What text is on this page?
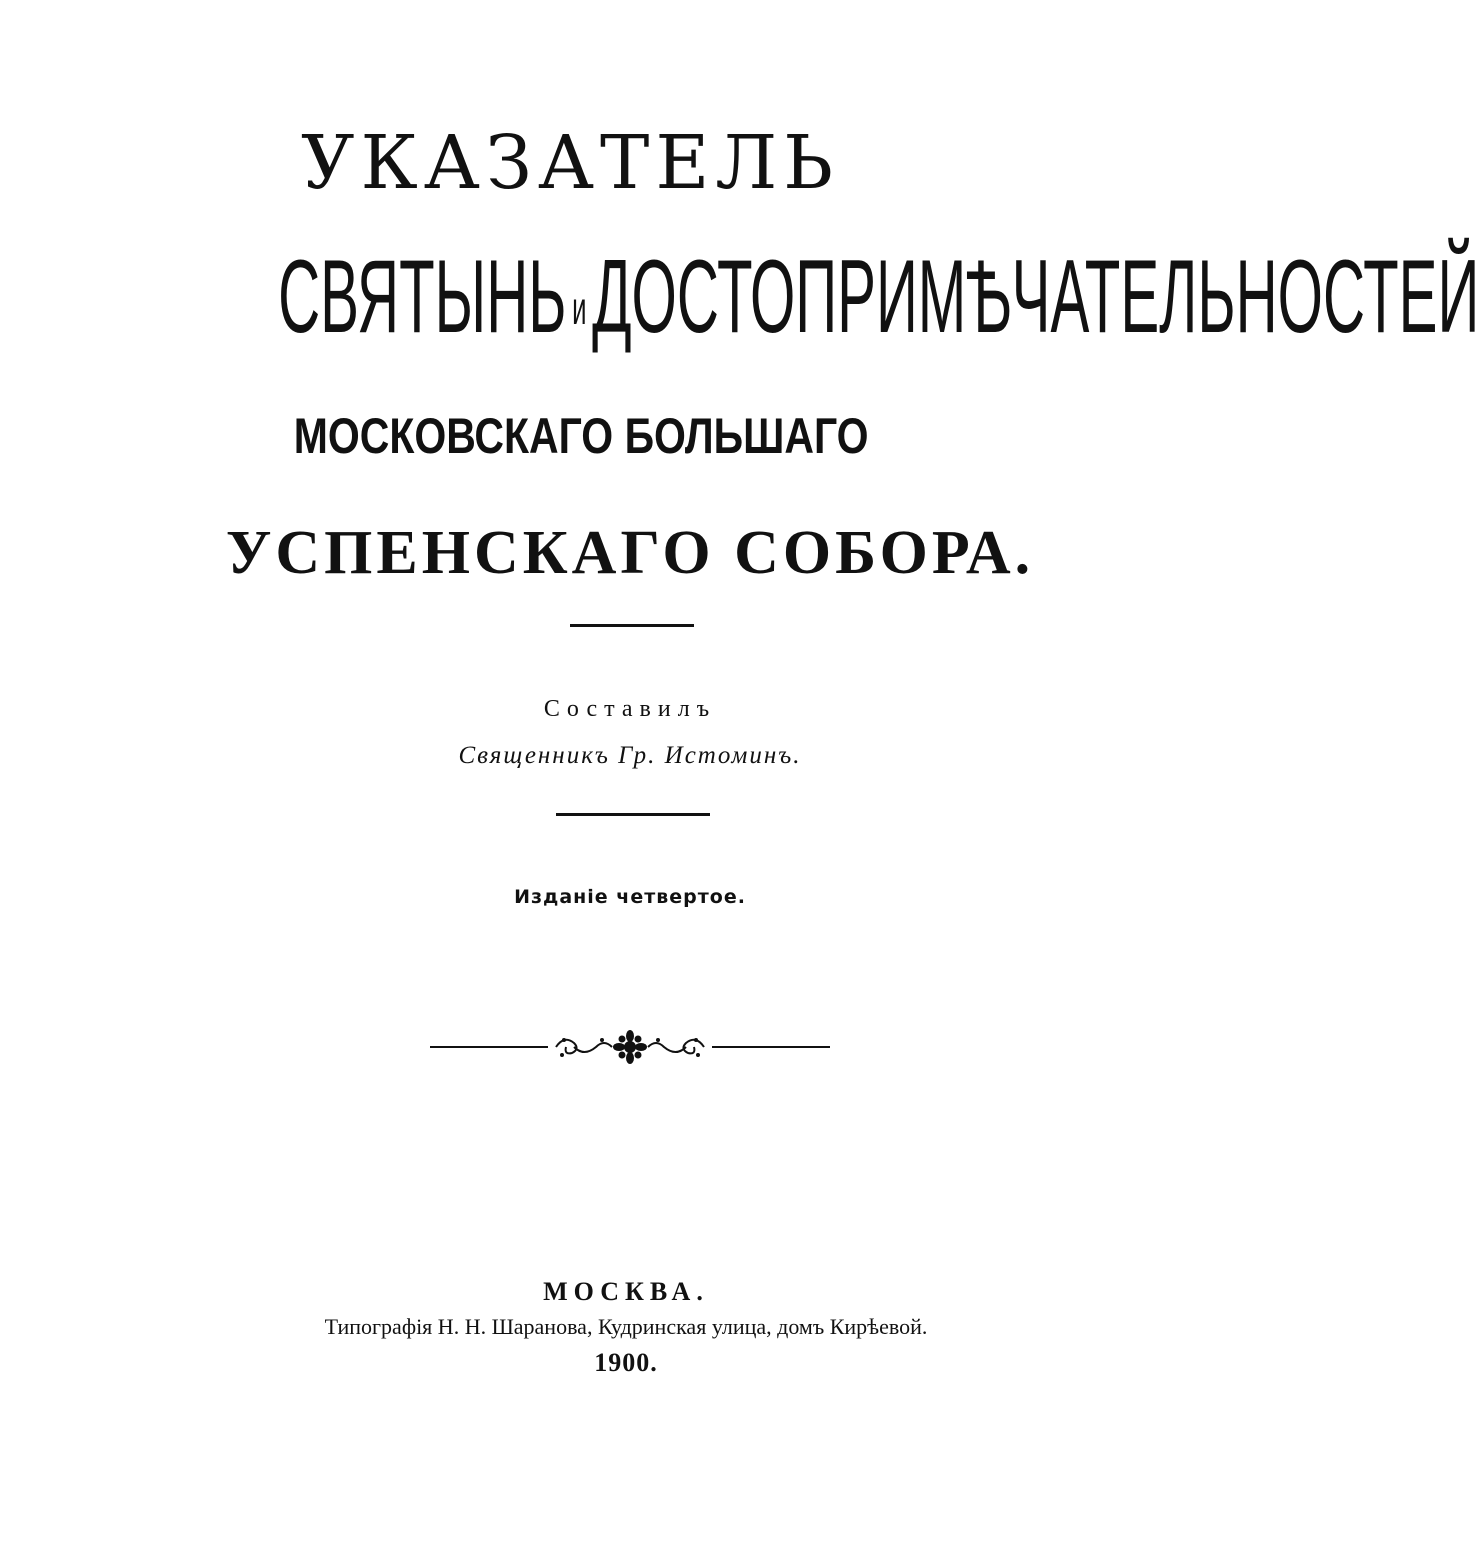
УКАЗАТЕЛЬ
СВЯТЫНЬ иДОСТОПРИМѢЧАТЕЛЬНОСТЕЙ
МОСКОВСКАГО БОЛЬШАГО
УСПЕНСКАГО СОБОРА.
Составилъ
Священникъ Гр. Истоминъ.
Изданіе четвертое.
МОСКВА.
Типографія Н. Н. Шаранова, Кудринская улица, домъ Кирѣевой.
1900.
